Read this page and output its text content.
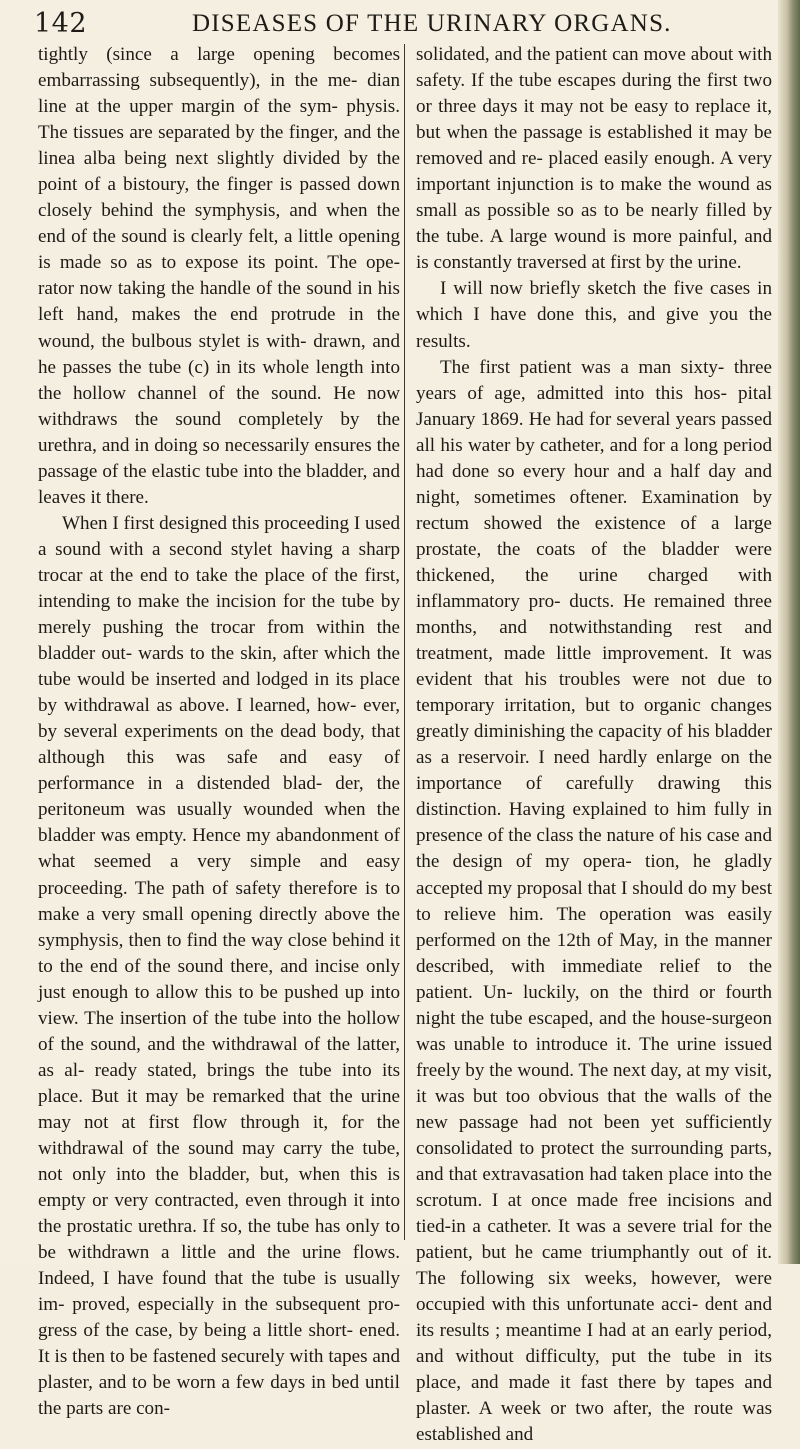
142	DISEASES OF THE URINARY ORGANS.

tightly (since a large opening becomes embarrassing subsequently), in the me- dian line at the upper margin of the sym- physis. The tissues are separated by the finger, and the linea alba being next slightly divided by the point of a bistoury, the finger is passed down closely behind the symphysis, and when the end of the sound is clearly felt, a little opening is made so as to expose its point. The ope- rator now taking the handle of the sound in his left hand, makes the end protrude in the wound, the bulbous stylet is with- drawn, and he passes the tube (c) in its whole length into the hollow channel of the sound. He now withdraws the sound completely by the urethra, and in doing so necessarily ensures the passage of the elastic tube into the bladder, and leaves it there.

When I first designed this proceeding I used a sound with a second stylet having a sharp trocar at the end to take the place of the first, intending to make the incision for the tube by merely pushing the trocar from within the bladder out- wards to the skin, after which the tube would be inserted and lodged in its place by withdrawal as above. I learned, how- ever, by several experiments on the dead body, that although this was safe and easy of performance in a distended blad- der, the peritoneum was usually wounded when the bladder was empty. Hence my abandonment of what seemed a very simple and easy proceeding. The path of safety therefore is to make a very small opening directly above the symphysis, then to find the way close behind it to the end of the sound there, and incise only just enough to allow this to be pushed up into view. The insertion of the tube into the hollow of the sound, and the withdrawal of the latter, as al- ready stated, brings the tube into its place. But it may be remarked that the urine may not at first flow through it, for the withdrawal of the sound may carry the tube, not only into the bladder, but, when this is empty or very contracted, even through it into the prostatic urethra. If so, the tube has only to be withdrawn a little and the urine flows. Indeed, I have found that the tube is usually im- proved, especially in the subsequent pro- gress of the case, by being a little short- ened. It is then to be fastened securely with tapes and plaster, and to be worn a few days in bed until the parts are con-

solidated, and the patient can move about with safety. If the tube escapes during the first two or three days it may not be easy to replace it, but when the passage is established it may be removed and re- placed easily enough. A very important injunction is to make the wound as small as possible so as to be nearly filled by the tube. A large wound is more painful, and is constantly traversed at first by the urine.

I will now briefly sketch the five cases in which I have done this, and give you the results.

The first patient was a man sixty- three years of age, admitted into this hos- pital January 1869. He had for several years passed all his water by catheter, and for a long period had done so every hour and a half day and night, sometimes oftener. Examination by rectum showed the existence of a large prostate, the coats of the bladder were thickened, the urine charged with inflammatory pro- ducts. He remained three months, and notwithstanding rest and treatment, made little improvement. It was evident that his troubles were not due to temporary irritation, but to organic changes greatly diminishing the capacity of his bladder as a reservoir. I need hardly enlarge on the importance of carefully drawing this distinction. Having explained to him fully in presence of the class the nature of his case and the design of my opera- tion, he gladly accepted my proposal that I should do my best to relieve him. The operation was easily performed on the 12th of May, in the manner described, with immediate relief to the patient. Un- luckily, on the third or fourth night the tube escaped, and the house-surgeon was unable to introduce it. The urine issued freely by the wound. The next day, at my visit, it was but too obvious that the walls of the new passage had not been yet sufficiently consolidated to protect the surrounding parts, and that extravasation had taken place into the scrotum. I at once made free incisions and tied-in a catheter. It was a severe trial for the patient, but he came triumphantly out of it. The following six weeks, however, were occupied with this unfortunate acci- dent and its results ; meantime I had at an early period, and without difficulty, put the tube in its place, and made it fast there by tapes and plaster. A week or two after, the route was established and
